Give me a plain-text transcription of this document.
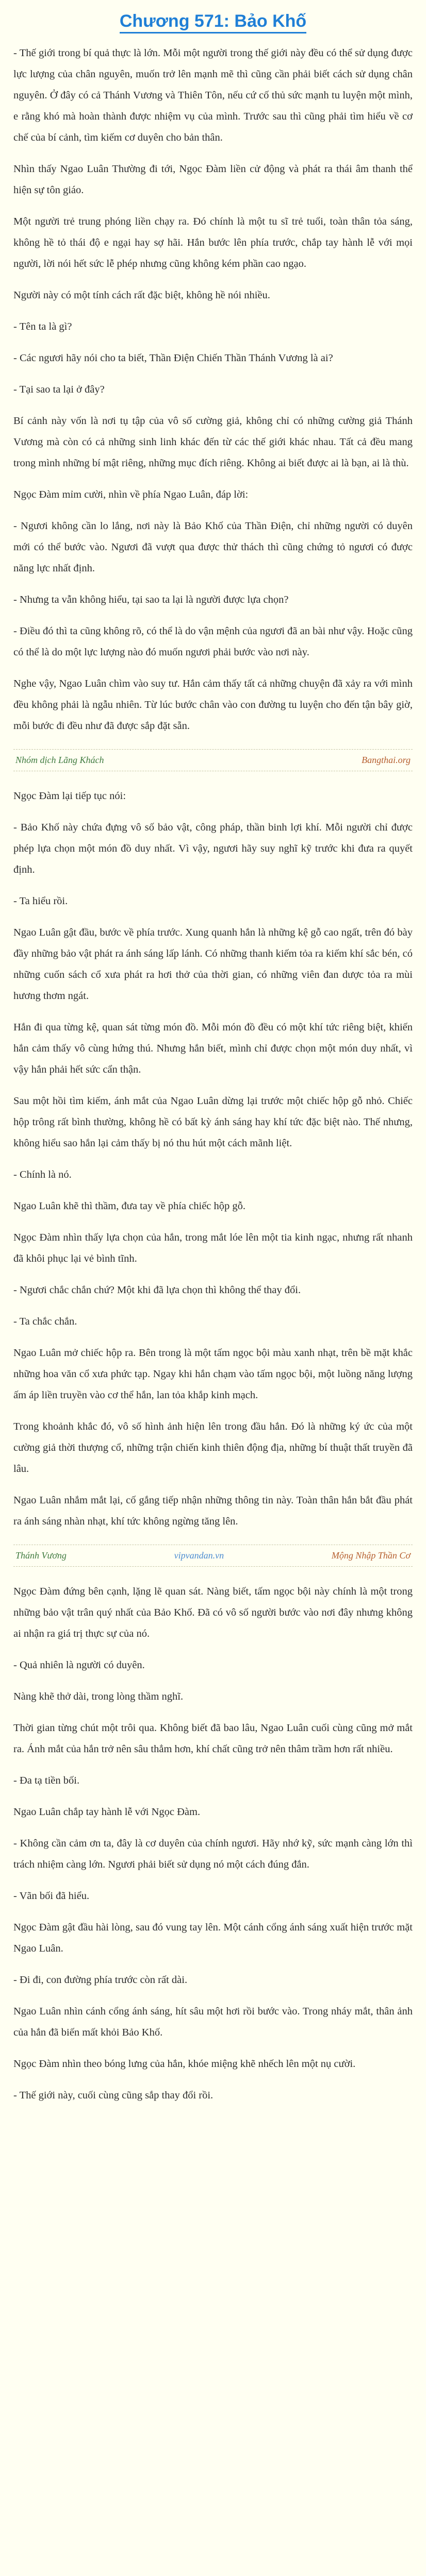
Chương 571: Bảo Khố

- Thế giới trong bí quả thực là lớn. Mỗi một người trong thế giới này đều có thể sử dụng được lực lượng của chân nguyên, muốn trở lên mạnh mẽ thì cũng cần phải biết cách sử dụng chân nguyên. Ở đây có cả Thánh Vương và Thiên Tôn, nếu cứ cố thủ sức mạnh tu luyện một mình, e rằng khó mà hoàn thành được nhiệm vụ của mình. Trước sau thì cũng phải tìm hiểu về cơ chế của bí cảnh, tìm kiếm cơ duyên cho bản thân.

Nhìn thấy Ngao Luân Thường đi tới, Ngọc Đàm liền cử động và phát ra thái âm thanh thể hiện sự tôn giáo.

Một người trẻ trung phóng liền chạy ra. Đó chính là một tu sĩ trẻ tuổi, toàn thân tỏa sáng, không hề tỏ thái độ e ngại hay sợ hãi. Hắn bước lên phía trước, chắp tay hành lễ với mọi người, lời nói hết sức lễ phép nhưng cũng không kém phần cao ngạo.

Người này có một tính cách rất đặc biệt, không hề nói nhiều.

- Tên ta là gì?

- Các ngươi hãy nói cho ta biết, Thần Điện Chiến Thần Thánh Vương là ai?

- Tại sao ta lại ở đây?

Bí cảnh này vốn là nơi tụ tập của vô số cường giả, không chỉ có những cường giả Thánh Vương mà còn có cả những sinh linh khác đến từ các thế giới khác nhau. Tất cả đều mang trong mình những bí mật riêng, những mục đích riêng. Không ai biết được ai là bạn, ai là thù.

Ngọc Đàm mỉm cười, nhìn về phía Ngao Luân, đáp lời:

- Ngươi không cần lo lắng, nơi này là Bảo Khố của Thần Điện, chỉ những người có duyên mới có thể bước vào. Ngươi đã vượt qua được thử thách thì cũng chứng tỏ ngươi có được năng lực nhất định.

- Nhưng ta vẫn không hiểu, tại sao ta lại là người được lựa chọn?

- Điều đó thì ta cũng không rõ, có thể là do vận mệnh của ngươi đã an bài như vậy. Hoặc cũng có thể là do một lực lượng nào đó muốn ngươi phải bước vào nơi này.

Nghe vậy, Ngao Luân chìm vào suy tư. Hắn cảm thấy tất cả những chuyện đã xảy ra với mình đều không phải là ngẫu nhiên. Từ lúc bước chân vào con đường tu luyện cho đến tận bây giờ, mỗi bước đi đều như đã được sắp đặt sẵn.

Nhóm dịch Lãng Khách	Bangthai.org

Ngọc Đàm lại tiếp tục nói:

- Bảo Khố này chứa đựng vô số bảo vật, công pháp, thần binh lợi khí. Mỗi người chỉ được phép lựa chọn một món đồ duy nhất. Vì vậy, ngươi hãy suy nghĩ kỹ trước khi đưa ra quyết định.

- Ta hiểu rồi.

Ngao Luân gật đầu, bước về phía trước. Xung quanh hắn là những kệ gỗ cao ngất, trên đó bày đầy những bảo vật phát ra ánh sáng lấp lánh. Có những thanh kiếm tỏa ra kiếm khí sắc bén, có những cuốn sách cổ xưa phát ra hơi thở của thời gian, có những viên đan dược tỏa ra mùi hương thơm ngát.

Hắn đi qua từng kệ, quan sát từng món đồ. Mỗi món đồ đều có một khí tức riêng biệt, khiến hắn cảm thấy vô cùng hứng thú. Nhưng hắn biết, mình chỉ được chọn một món duy nhất, vì vậy hắn phải hết sức cẩn thận.

Sau một hồi tìm kiếm, ánh mắt của Ngao Luân dừng lại trước một chiếc hộp gỗ nhỏ. Chiếc hộp trông rất bình thường, không hề có bất kỳ ánh sáng hay khí tức đặc biệt nào. Thế nhưng, không hiểu sao hắn lại cảm thấy bị nó thu hút một cách mãnh liệt.

- Chính là nó.

Ngao Luân khẽ thì thầm, đưa tay về phía chiếc hộp gỗ.

Ngọc Đàm nhìn thấy lựa chọn của hắn, trong mắt lóe lên một tia kinh ngạc, nhưng rất nhanh đã khôi phục lại vẻ bình tĩnh.

- Ngươi chắc chắn chứ? Một khi đã lựa chọn thì không thể thay đổi.

- Ta chắc chắn.

Ngao Luân mở chiếc hộp ra. Bên trong là một tấm ngọc bội màu xanh nhạt, trên bề mặt khắc những hoa văn cổ xưa phức tạp. Ngay khi hắn chạm vào tấm ngọc bội, một luồng năng lượng ấm áp liền truyền vào cơ thể hắn, lan tỏa khắp kinh mạch.

Trong khoảnh khắc đó, vô số hình ảnh hiện lên trong đầu hắn. Đó là những ký ức của một cường giả thời thượng cổ, những trận chiến kinh thiên động địa, những bí thuật thất truyền đã lâu.

Ngao Luân nhắm mắt lại, cố gắng tiếp nhận những thông tin này. Toàn thân hắn bắt đầu phát ra ánh sáng nhàn nhạt, khí tức không ngừng tăng lên.

Thánh Vương	vipvandan.vn	Mộng Nhập Thần Cơ

Ngọc Đàm đứng bên cạnh, lặng lẽ quan sát. Nàng biết, tấm ngọc bội này chính là một trong những bảo vật trân quý nhất của Bảo Khố. Đã có vô số người bước vào nơi đây nhưng không ai nhận ra giá trị thực sự của nó.

- Quả nhiên là người có duyên.

Nàng khẽ thở dài, trong lòng thầm nghĩ.

Thời gian từng chút một trôi qua. Không biết đã bao lâu, Ngao Luân cuối cùng cũng mở mắt ra. Ánh mắt của hắn trở nên sâu thẳm hơn, khí chất cũng trở nên thâm trầm hơn rất nhiều.

- Đa tạ tiền bối.

Ngao Luân chắp tay hành lễ với Ngọc Đàm.

- Không cần cảm ơn ta, đây là cơ duyên của chính ngươi. Hãy nhớ kỹ, sức mạnh càng lớn thì trách nhiệm càng lớn. Ngươi phải biết sử dụng nó một cách đúng đắn.

- Vãn bối đã hiểu.

Ngọc Đàm gật đầu hài lòng, sau đó vung tay lên. Một cánh cổng ánh sáng xuất hiện trước mặt Ngao Luân.

- Đi đi, con đường phía trước còn rất dài.

Ngao Luân nhìn cánh cổng ánh sáng, hít sâu một hơi rồi bước vào. Trong nháy mắt, thân ảnh của hắn đã biến mất khỏi Bảo Khố.

Ngọc Đàm nhìn theo bóng lưng của hắn, khóe miệng khẽ nhếch lên một nụ cười.

- Thế giới này, cuối cùng cũng sắp thay đổi rồi.
